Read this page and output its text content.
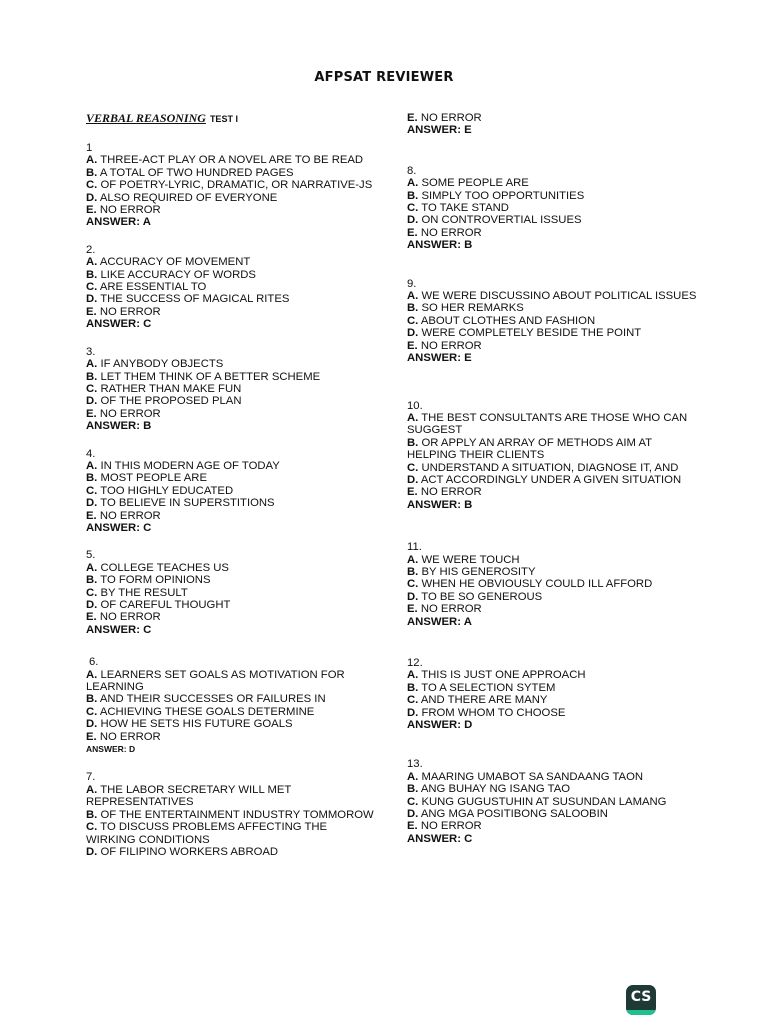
AFPSAT REVIEWER
VERBAL REASONING TEST I
1
A. THREE-ACT PLAY OR A NOVEL ARE TO BE READ
B. A TOTAL OF TWO HUNDRED PAGES
C. OF POETRY-LYRIC, DRAMATIC, OR NARRATIVE-JS
D. ALSO REQUIRED OF EVERYONE
E. NO ERROR
ANSWER: A
2.
A. ACCURACY OF MOVEMENT
B. LIKE ACCURACY OF WORDS
C. ARE ESSENTIAL TO
D. THE SUCCESS OF MAGICAL RITES
E. NO ERROR
ANSWER: C
3.
A. IF ANYBODY OBJECTS
B. LET THEM THINK OF A BETTER SCHEME
C. RATHER THAN MAKE FUN
D. OF THE PROPOSED PLAN
E. NO ERROR
ANSWER: B
4.
A. IN THIS MODERN AGE OF TODAY
B. MOST PEOPLE ARE
C. TOO HIGHLY EDUCATED
D. TO BELIEVE IN SUPERSTITIONS
E. NO ERROR
ANSWER: C
5.
A. COLLEGE TEACHES US
B. TO FORM OPINIONS
C. BY THE RESULT
D. OF CAREFUL THOUGHT
E. NO ERROR
ANSWER: C
6.
A. LEARNERS SET GOALS AS MOTIVATION FOR LEARNING
B. AND THEIR SUCCESSES OR FAILURES IN
C. ACHIEVING THESE GOALS DETERMINE
D. HOW HE SETS HIS FUTURE GOALS
E. NO ERROR
ANSWER: D
7.
A. THE LABOR SECRETARY WILL MET REPRESENTATIVES
B. OF THE ENTERTAINMENT INDUSTRY TOMMOROW
C. TO DISCUSS PROBLEMS AFFECTING THE WIRKING CONDITIONS
D. OF FILIPINO WORKERS ABROAD
E. NO ERROR
ANSWER: E
8.
A. SOME PEOPLE ARE
B. SIMPLY TOO OPPORTUNITIES
C. TO TAKE STAND
D. ON CONTROVERTIAL ISSUES
E. NO ERROR
ANSWER: B
9.
A. WE WERE DISCUSSINO ABOUT POLITICAL ISSUES
B. SO HER REMARKS
C. ABOUT CLOTHES AND FASHION
D. WERE COMPLETELY BESIDE THE POINT
E. NO ERROR
ANSWER: E
10.
A. THE BEST CONSULTANTS ARE THOSE WHO CAN SUGGEST
B. OR APPLY AN ARRAY OF METHODS AIM AT HELPING THEIR CLIENTS
C. UNDERSTAND A SITUATION, DIAGNOSE IT, AND
D. ACT ACCORDINGLY UNDER A GIVEN SITUATION
E. NO ERROR
ANSWER: B
11.
A. WE WERE TOUCH
B. BY HIS GENEROSITY
C. WHEN HE OBVIOUSLY COULD ILL AFFORD
D. TO BE SO GENEROUS
E. NO ERROR
ANSWER: A
12.
A. THIS IS JUST ONE APPROACH
B. TO A SELECTION SYTEM
C. AND THERE ARE MANY
D. FROM WHOM TO CHOOSE
ANSWER: D
13.
A. MAARING UMABOT SA SANDAANG TAON
B. ANG BUHAY NG ISANG TAO
C. KUNG GUGUSTUHIN AT SUSUNDAN LAMANG
D. ANG MGA POSITIBONG SALOOBIN
E. NO ERROR
ANSWER: C
CS
